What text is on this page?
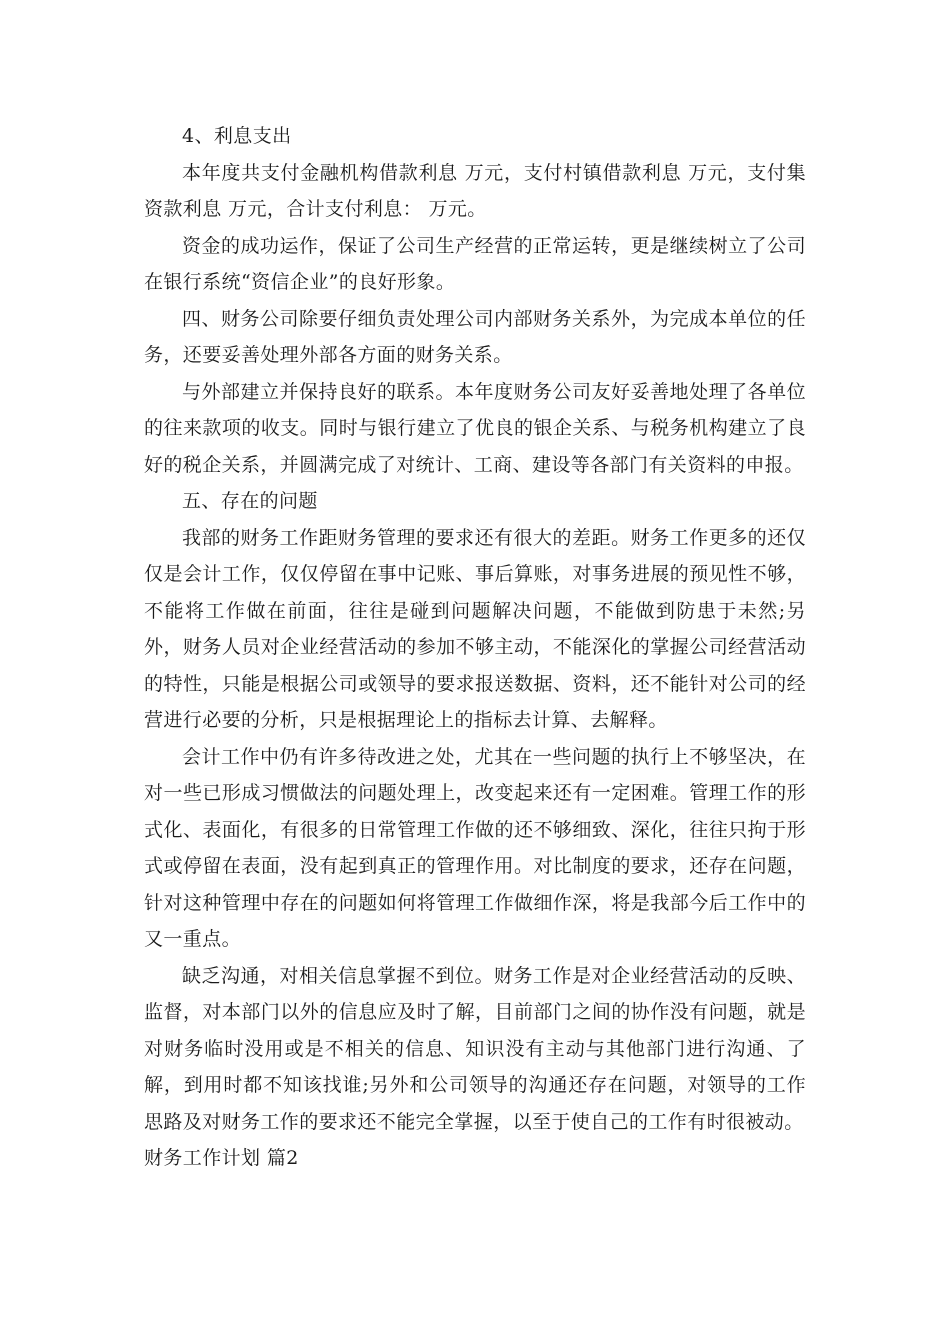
4、利息支出

本年度共支付金融机构借款利息 万元，支付村镇借款利息 万元，支付集资款利息 万元，合计支付利息： 万元。

资金的成功运作，保证了公司生产经营的正常运转，更是继续树立了公司在银行系统“资信企业”的良好形象。

四、财务公司除要仔细负责处理公司内部财务关系外，为完成本单位的任务，还要妥善处理外部各方面的财务关系。

与外部建立并保持良好的联系。本年度财务公司友好妥善地处理了各单位的往来款项的收支。同时与银行建立了优良的银企关系、与税务机构建立了良好的税企关系，并圆满完成了对统计、工商、建设等各部门有关资料的申报。

五、存在的问题

我部的财务工作距财务管理的要求还有很大的差距。财务工作更多的还仅仅是会计工作，仅仅停留在事中记账、事后算账，对事务进展的预见性不够，不能将工作做在前面，往往是碰到问题解决问题，不能做到防患于未然;另外，财务人员对企业经营活动的参加不够主动，不能深化的掌握公司经营活动的特性，只能是根据公司或领导的要求报送数据、资料，还不能针对公司的经营进行必要的分析，只是根据理论上的指标去计算、去解释。

会计工作中仍有许多待改进之处，尤其在一些问题的执行上不够坚决，在对一些已形成习惯做法的问题处理上，改变起来还有一定困难。管理工作的形式化、表面化，有很多的日常管理工作做的还不够细致、深化，往往只拘于形式或停留在表面，没有起到真正的管理作用。对比制度的要求，还存在问题，针对这种管理中存在的问题如何将管理工作做细作深，将是我部今后工作中的又一重点。

缺乏沟通，对相关信息掌握不到位。财务工作是对企业经营活动的反映、监督，对本部门以外的信息应及时了解，目前部门之间的协作没有问题，就是对财务临时没用或是不相关的信息、知识没有主动与其他部门进行沟通、了解，到用时都不知该找谁;另外和公司领导的沟通还存在问题，对领导的工作思路及对财务工作的要求还不能完全掌握，以至于使自己的工作有时很被动。

财务工作计划 篇2
